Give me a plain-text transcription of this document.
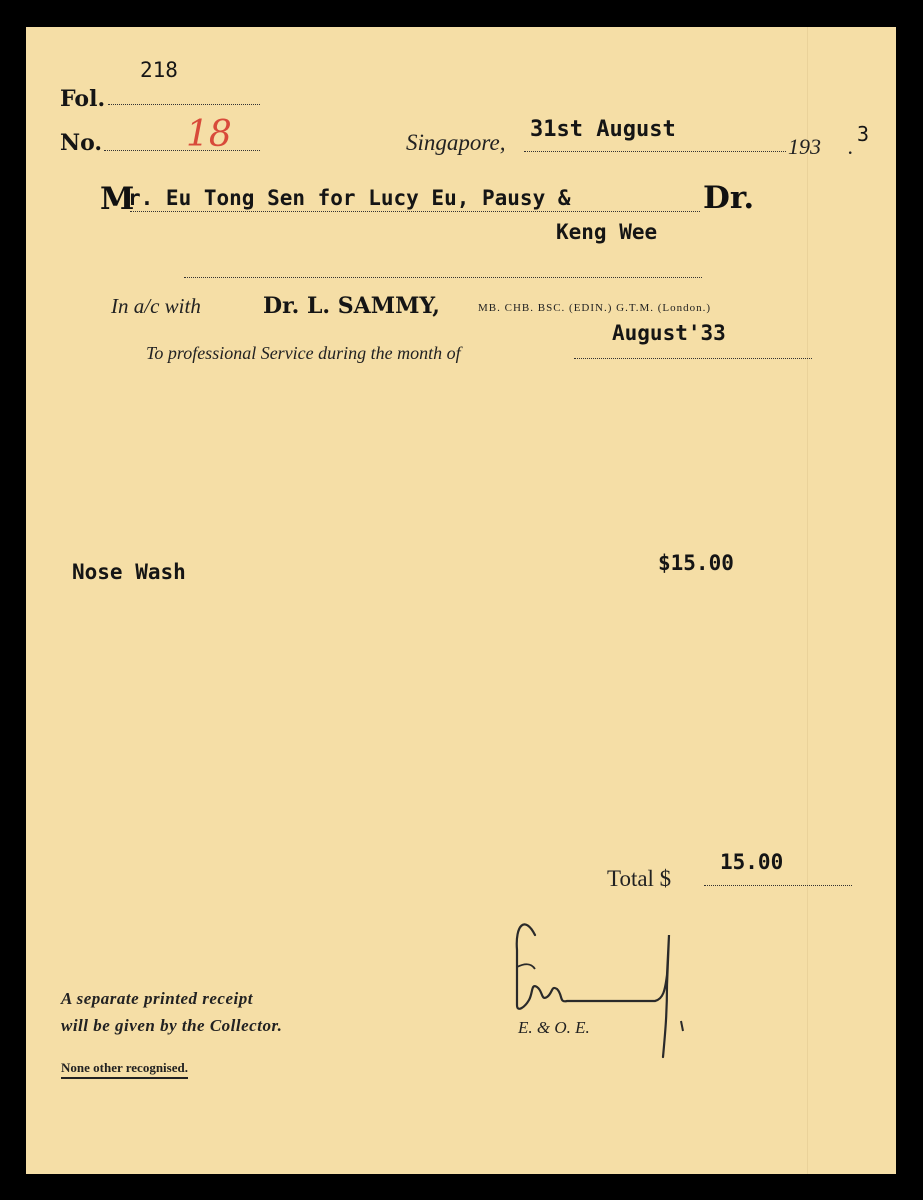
Fol.
218
No. 18	Singapore,
31st August
193 . 3
M
r. Eu Tong Sen for Lucy Eu, Pausy &
Keng Wee
Dr.
In a/c with	Dr. L. SAMMY,	MB. CHB. BSC. (EDIN.) G.T.M. (London.)
To professional Service during the month of
August'33
Nose Wash	$15.00
Total $
15.00
A separate printed receipt
will be given by the Collector.	E. & O. E.
None other recognised.
